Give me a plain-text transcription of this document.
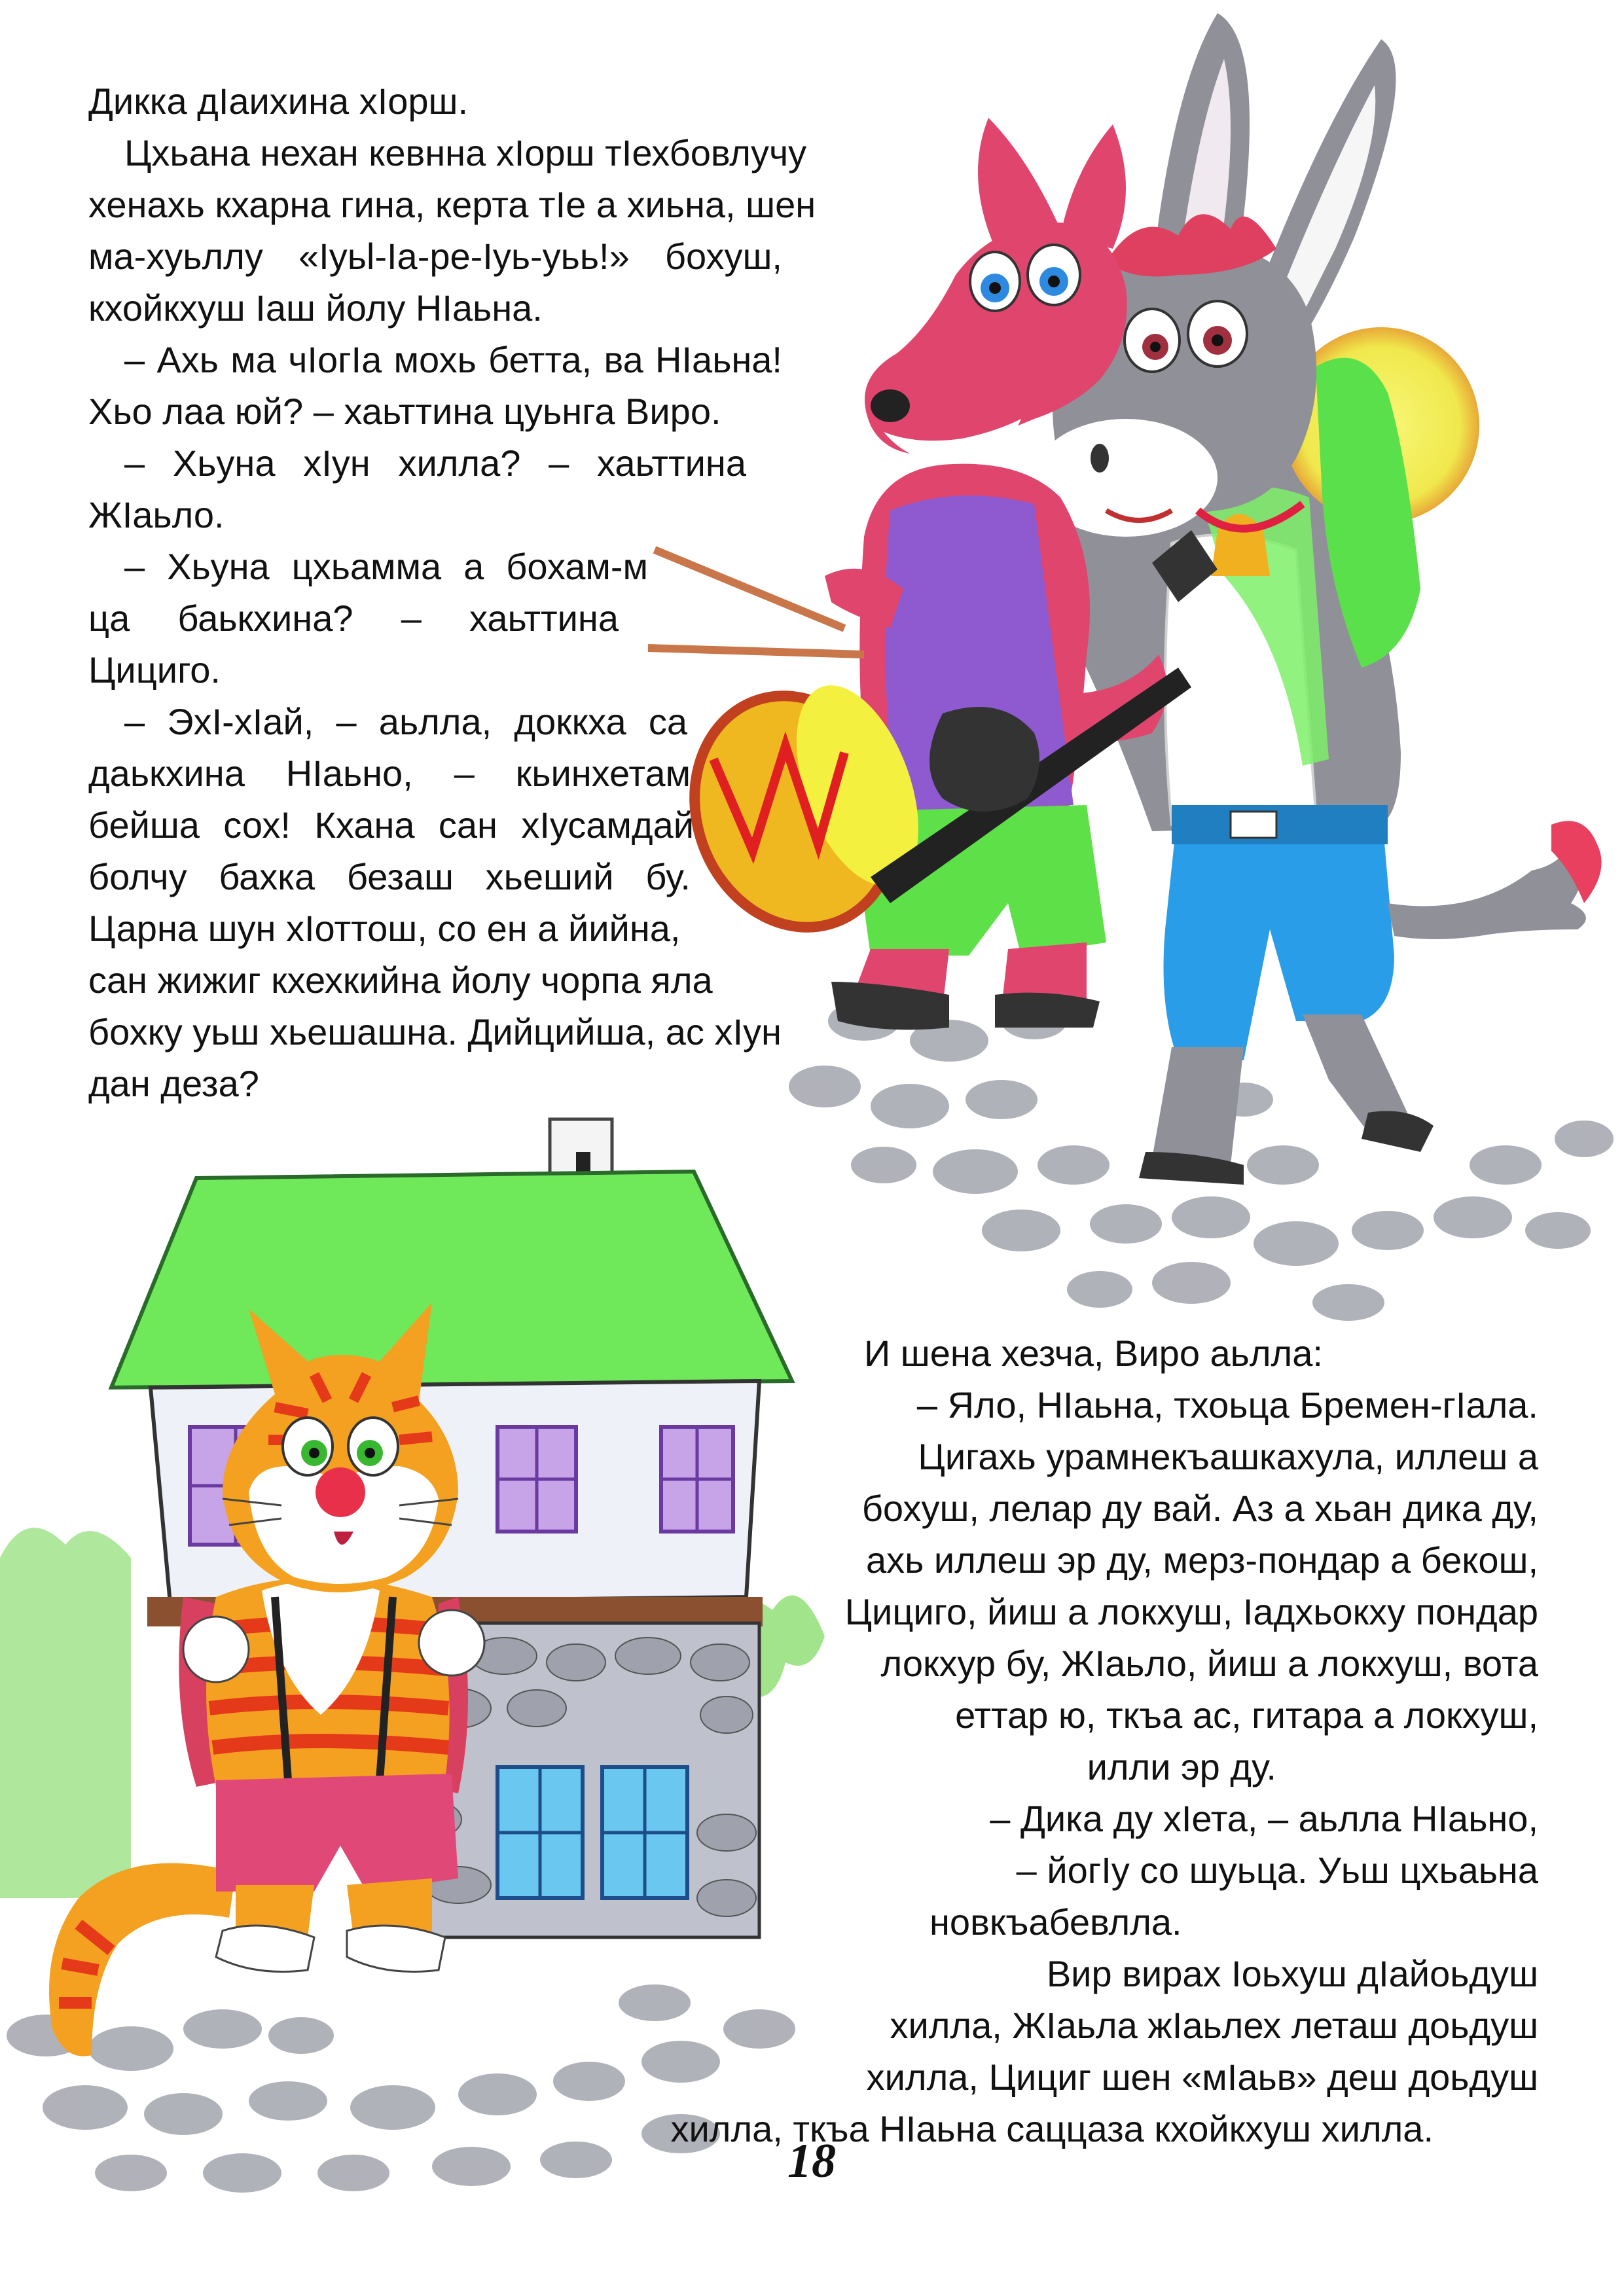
Дикка дӀаихина хӀорш.
Цхьана нехан кевнна хӀорш тӀехбовлучу
хенахь кхарна гина, керта тӀе а хиьна, шен
ма-хуьллу «Ӏуьl-Ӏа-ре-Ӏуь-уьь!» бохуш,
кхойкхуш Ӏаш йолу НӀаьна.
– Ахь ма чӀогӀа мохь бетта, ва НӀаьна!
Хьо лаа юй? – хаьттина цуьнга Виро.
– Хьуна хӀун хилла? – хаьттина
ЖӀаьло.
– Хьуна цхьамма а бохам-м
ца баькхина? – хаьттина
Цициго.
– ЭхӀ-хӀай, – аьлла, доккха са
даькхина НӀаьно, – кьинхетам
бейша сох! Кхана сан хӀусамдай
болчу бахка безаш хьеший бу.
Царна шун хӀоттош, со ен а йийна,
сан жижиг кхехкийна йолу чорпа яла
бохку уьш хьешашна. Дийцийша, ас хӀун
дан деза?
И шена хезча, Виро аьлла:
– Яло, НӀаьна, тхоьца Бремен-гӀала.
Цигахь урамнекъашкахула, иллеш а
бохуш, лелар ду вай. Аз а хьан дика ду,
ахь иллеш эр ду, мерз-пондар а бекош,
Цициго, йиш а локхуш, Ӏадхьокху пондар
локхур бу, ЖӀаьло, йиш а локхуш, вота
еттар ю, ткъа ас, гитара а локхуш,
илли эр ду.
– Дика ду хӀета, – аьлла НӀаьно,
– йогӀу со шуьца. Уьш цхьаьна
новкъабевлла.
Вир вирах Ӏоьхуш дӀайоьдуш
хилла, ЖӀаьла жӀаьлех леташ доьдуш
хилла, Цициг шен «мӀаьв» деш доьдуш
хилла, ткъа НӀаьна саццаза кхойкхуш хилла.
18
